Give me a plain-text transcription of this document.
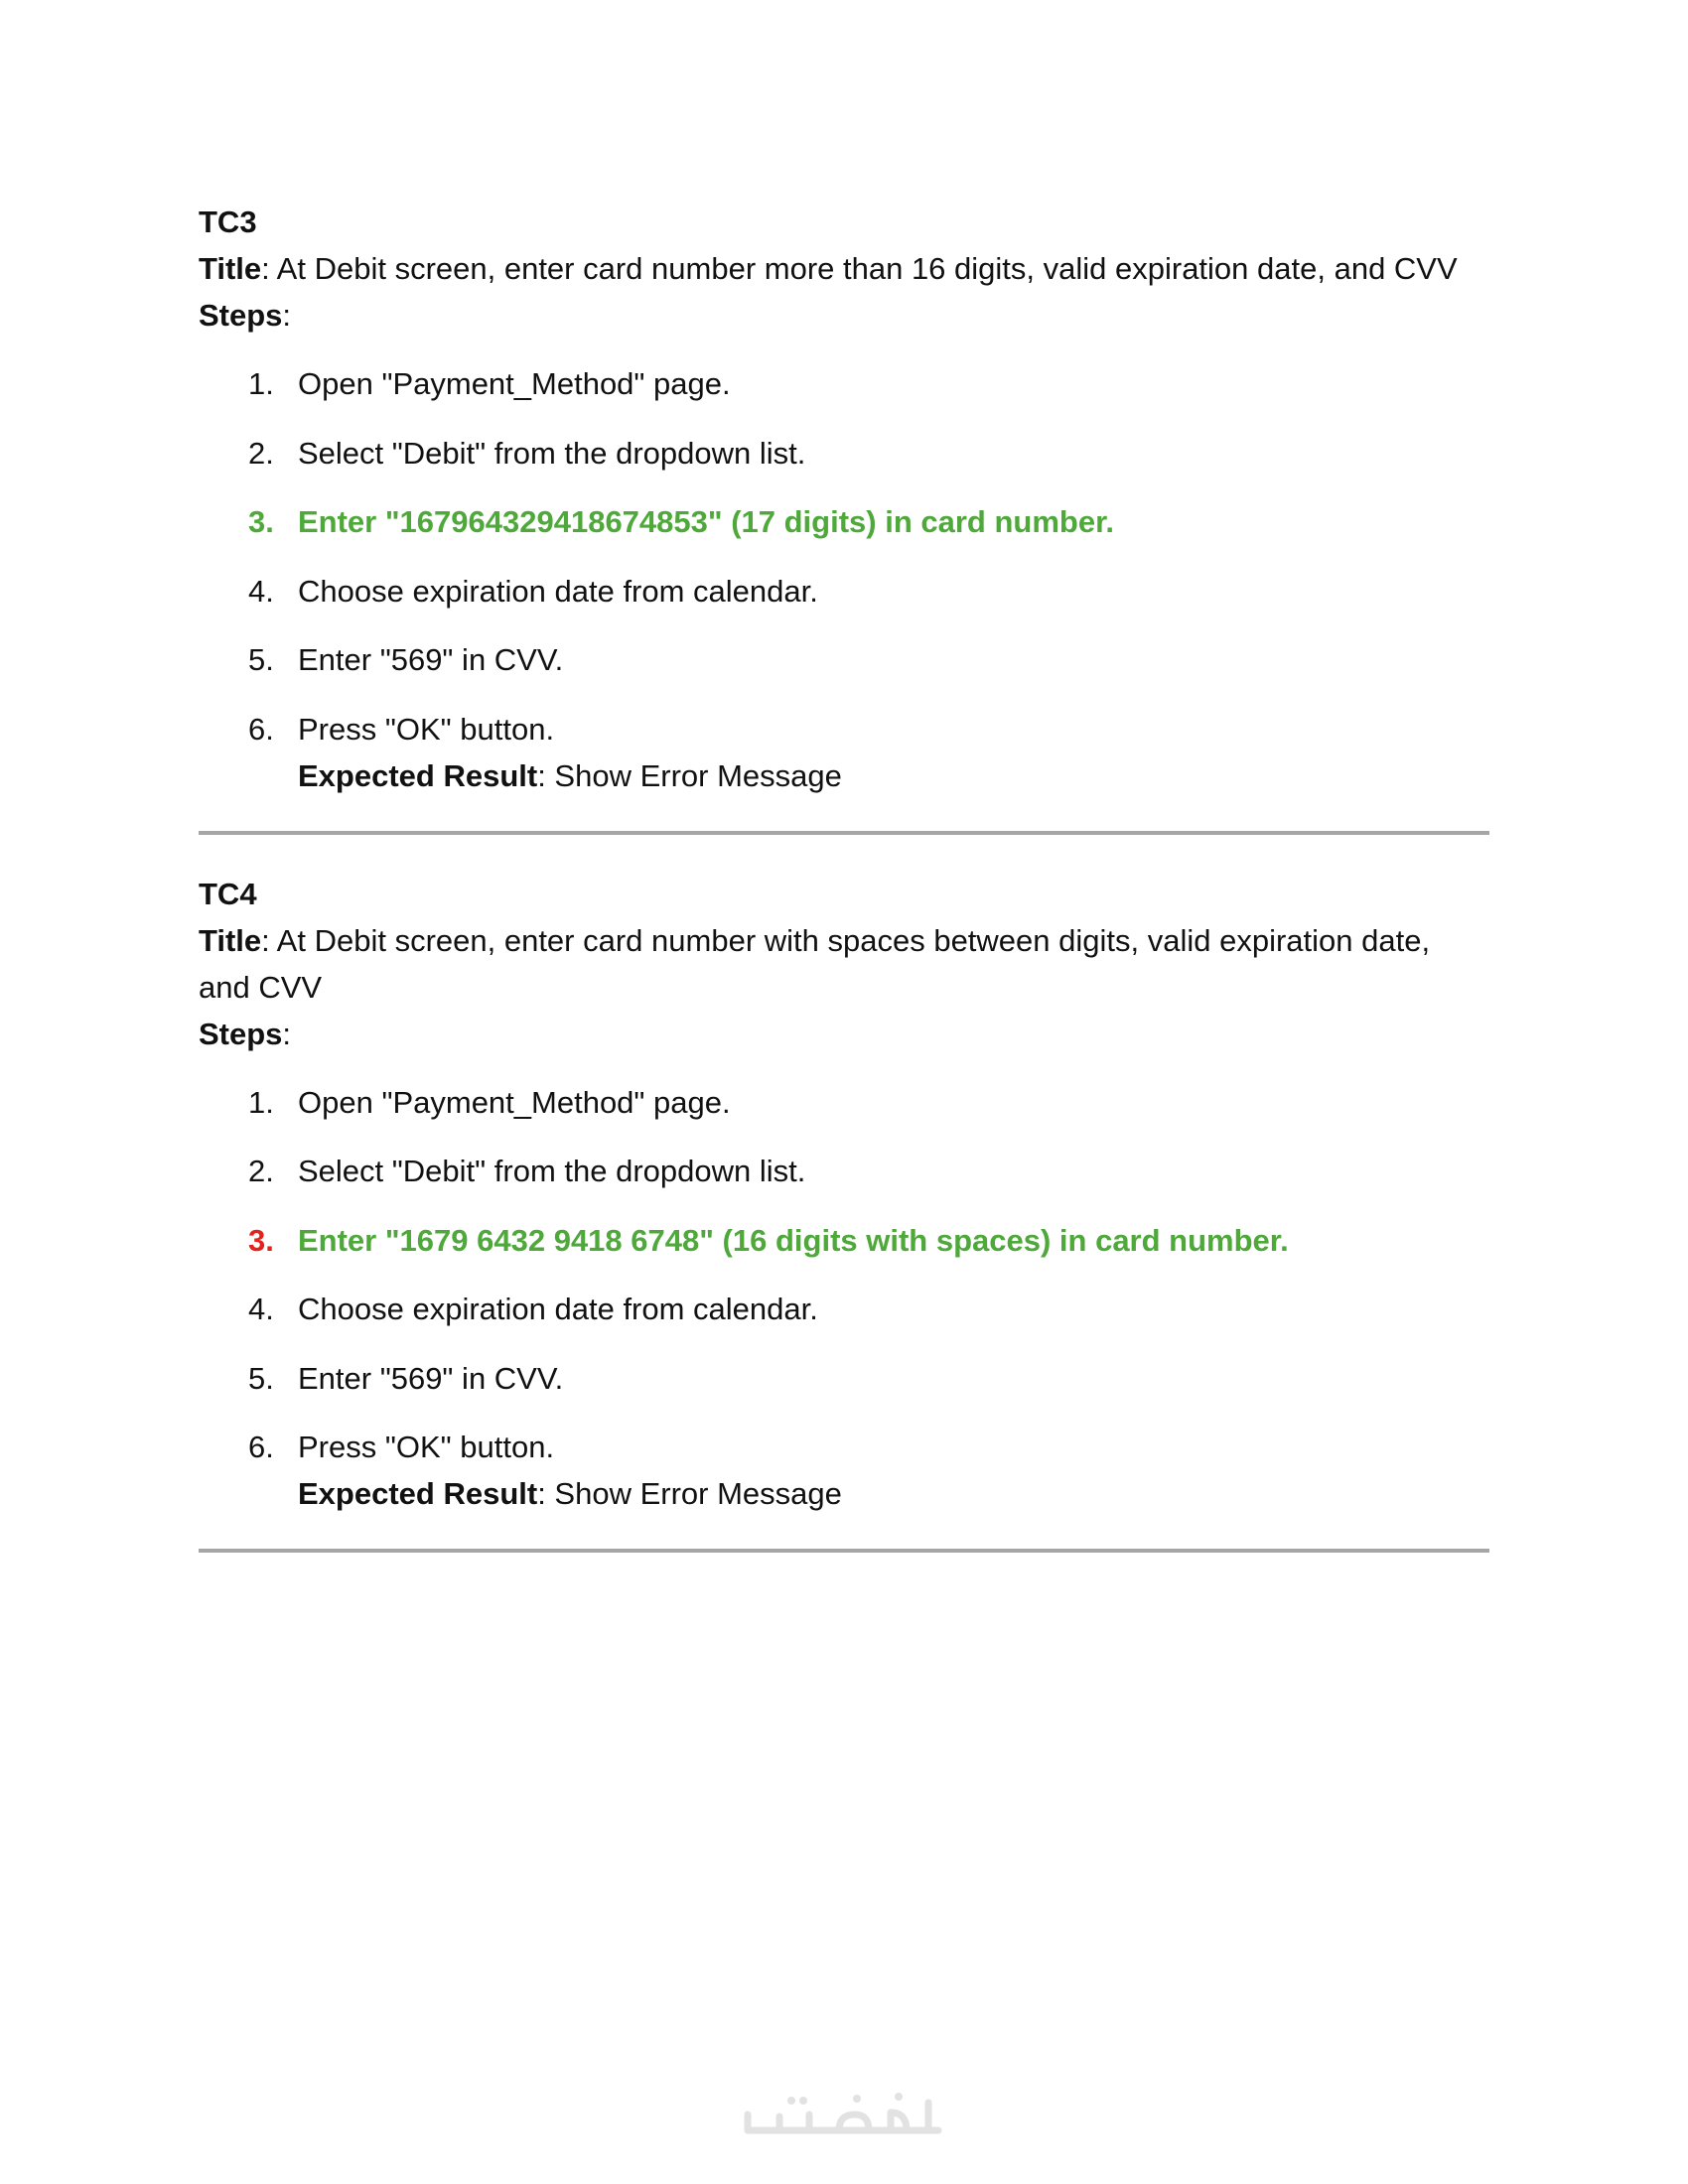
TC3

Title: At Debit screen, enter card number more than 16 digits, valid expiration date, and CVV

Steps:

1. Open "Payment_Method" page.
2. Select "Debit" from the dropdown list.
3. Enter "167964329418674853" (17 digits) in card number.
4. Choose expiration date from calendar.
5. Enter "569" in CVV.
6. Press "OK" button.
Expected Result: Show Error Message

TC4

Title: At Debit screen, enter card number with spaces between digits, valid expiration date, and CVV

Steps:

1. Open "Payment_Method" page.
2. Select "Debit" from the dropdown list.
3. Enter "1679 6432 9418 6748" (16 digits with spaces) in card number.
4. Choose expiration date from calendar.
5. Enter "569" in CVV.
6. Press "OK" button.
Expected Result: Show Error Message
